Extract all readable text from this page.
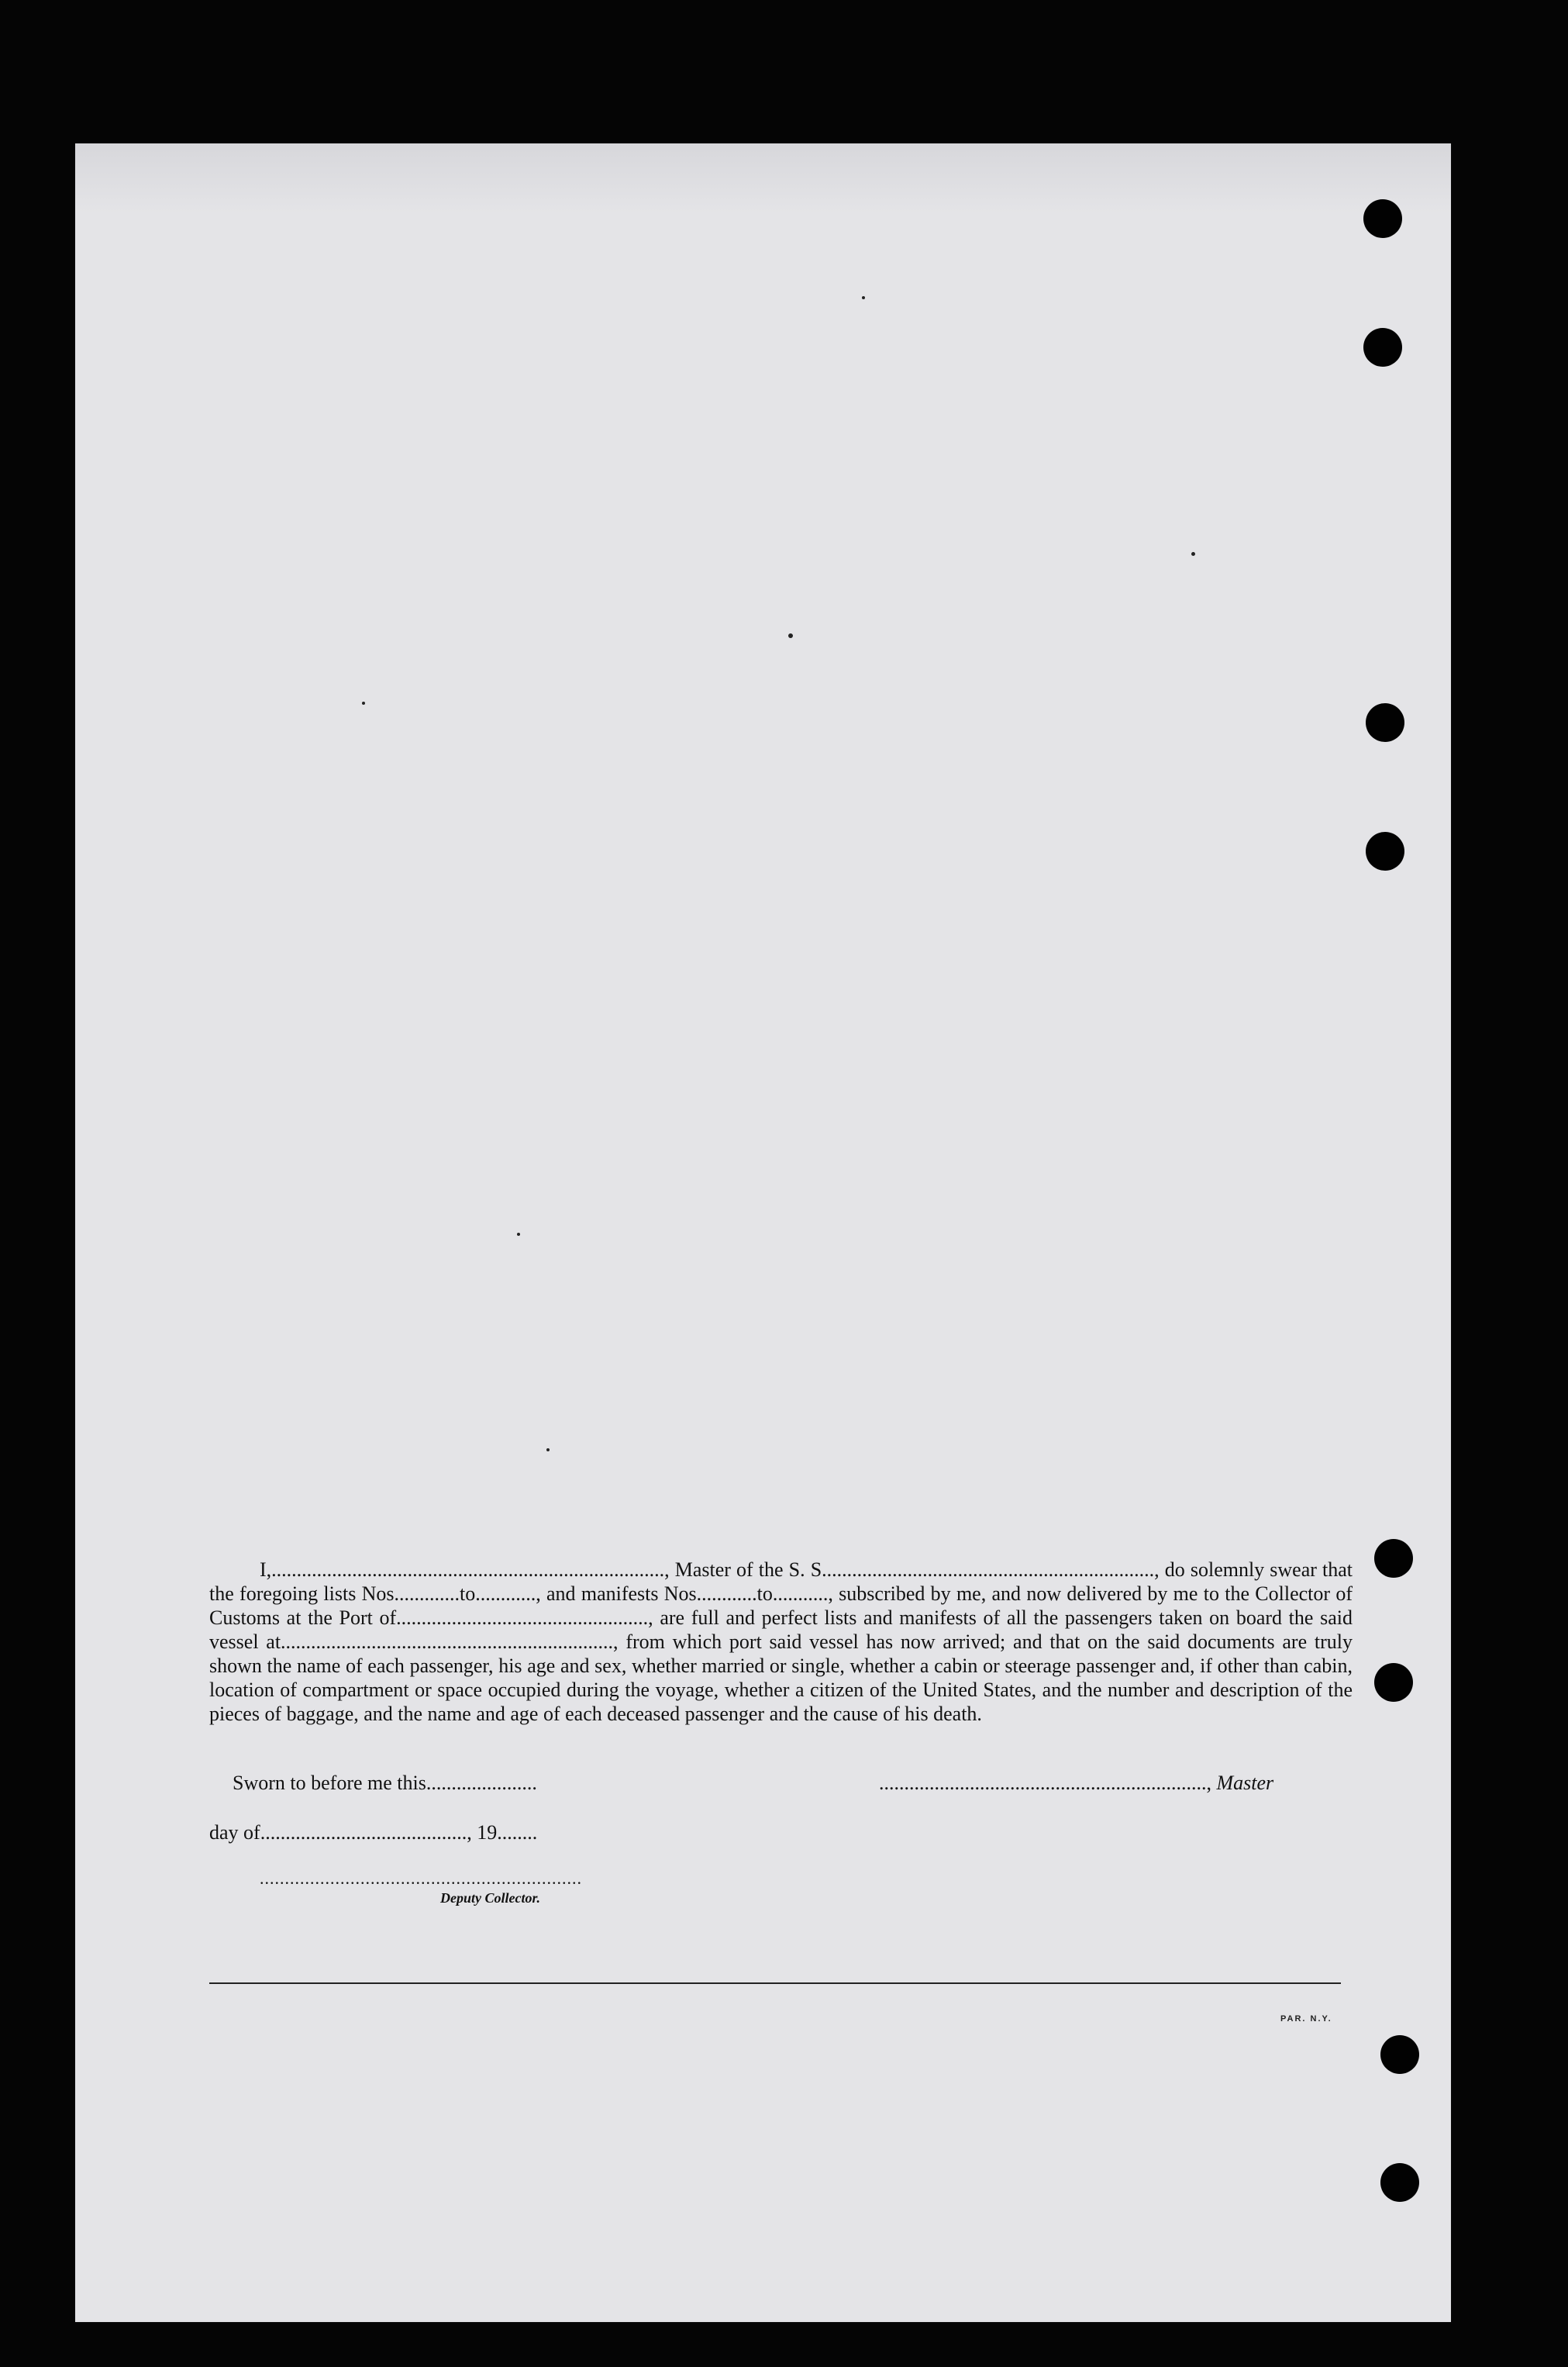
I,.............................................................................., Master of the S. S.................................................................., do solemnly swear that the foregoing lists Nos.............to............, and manifests Nos............to..........., subscribed by me, and now delivered by me to the Collector of Customs at the Port of.................................................., are full and perfect lists and manifests of all the passengers taken on board the said vessel at.................................................................., from which port said vessel has now arrived; and that on the said documents are truly shown the name of each passenger, his age and sex, whether married or single, whether a cabin or steerage passenger and, if other than cabin, location of compartment or space occupied during the voyage, whether a citizen of the United States, and the number and description of the pieces of baggage, and the name and age of each deceased passenger and the cause of his death.

Sworn to before me this......................	................................................................., Master
day of........................................., 19........
................................................................
Deputy Collector.
PAR. N.Y.
